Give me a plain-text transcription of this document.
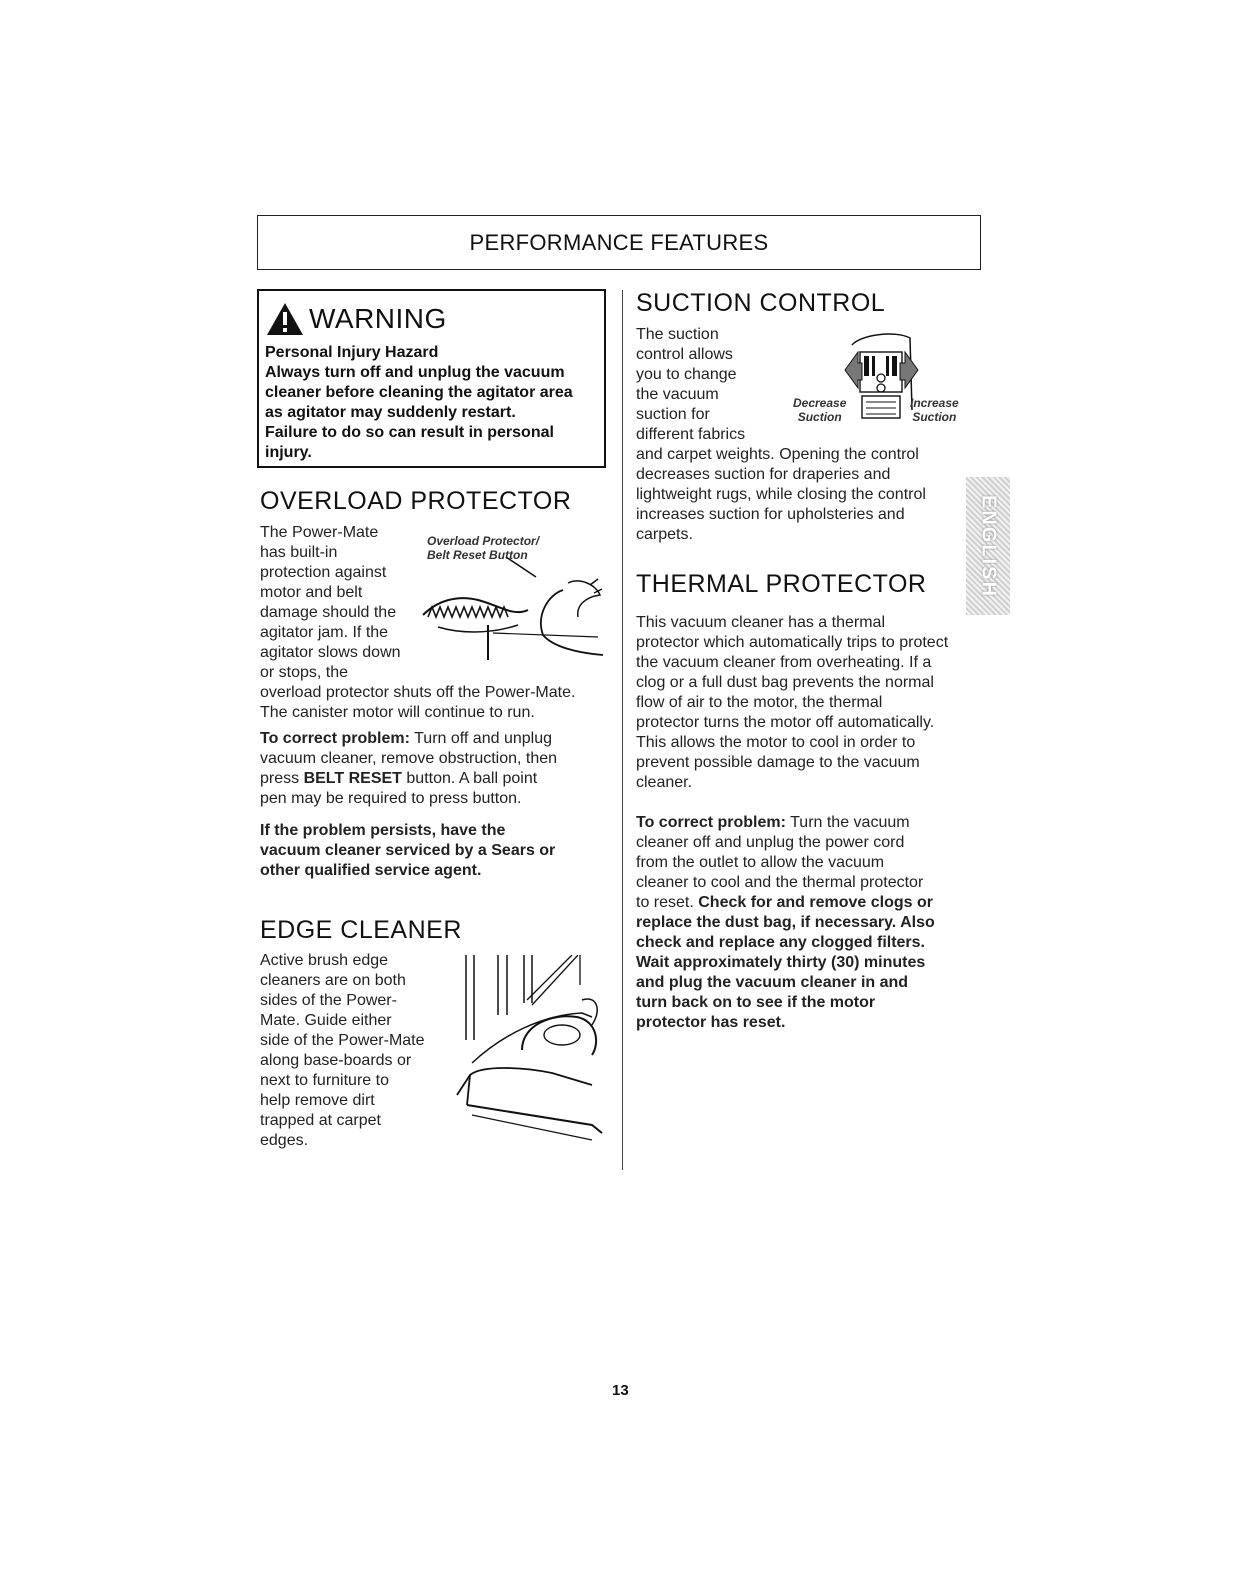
PERFORMANCE FEATURES
WARNING
Personal Injury Hazard
Always turn off and unplug the vacuum
cleaner before cleaning the agitator area
as agitator may suddenly restart.
Failure to do so can result in personal
injury.
OVERLOAD PROTECTOR
The Power-Mate
has built-in
protection against
motor and belt
damage should the
agitator jam. If the
agitator slows down
or stops, the
Overload Protector/
Belt Reset Button
overload protector shuts off the Power-Mate.
The canister motor will continue to run.
To correct problem: Turn off and unplug
vacuum cleaner, remove obstruction, then
press BELT RESET button. A ball point
pen may be required to press button.
If the problem persists, have the
vacuum cleaner serviced by a Sears or
other qualified service agent.
EDGE CLEANER
Active brush edge
cleaners are on both
sides of the Power-
Mate. Guide either
side of the Power-Mate
along base-boards or
next to furniture to
help remove dirt
trapped at carpet
edges.
SUCTION CONTROL
The suction
control allows
you to change
the vacuum
suction for
different fabrics
Decrease
Suction
Increase
Suction
and carpet weights. Opening the control
decreases suction for draperies and
lightweight rugs, while closing the control
increases suction for upholsteries and
carpets.	ENGLISH
THERMAL PROTECTOR
This vacuum cleaner has a thermal
protector which automatically trips to protect
the vacuum cleaner from overheating. If a
clog or a full dust bag prevents the normal
flow of air to the motor, the thermal
protector turns the motor off automatically.
This allows the motor to cool in order to
prevent possible damage to the vacuum
cleaner.
To correct problem: Turn the vacuum
cleaner off and unplug the power cord
from the outlet to allow the vacuum
cleaner to cool and the thermal protector
to reset. Check for and remove clogs or
replace the dust bag, if necessary. Also
check and replace any clogged filters.
Wait approximately thirty (30) minutes
and plug the vacuum cleaner in and
turn back on to see if the motor
protector has reset.
13
